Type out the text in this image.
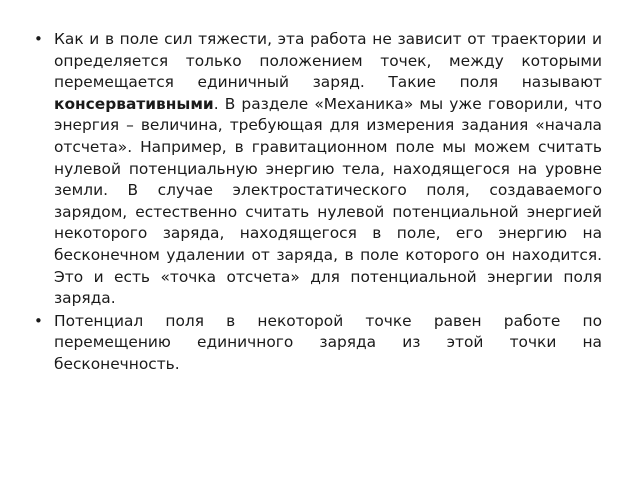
• Как и в поле сил тяжести, эта работа не зависит от траектории и определяется только положением точек, между которыми перемещается единичный заряд. Такие поля называют консервативными. В разделе «Механика» мы уже говорили, что энергия – величина, требующая для измерения задания «начала отсчета». Например, в гравитационном поле мы можем считать нулевой потенциальную энергию тела, находящегося на уровне земли. В случае электростатического поля, создаваемого зарядом, естественно считать нулевой потенциальной энергией некоторого заряда, находящегося в поле, его энергию на бесконечном удалении от заряда, в поле которого он находится. Это и есть «точка отсчета» для потенциальной энергии поля заряда.
• Потенциал поля в некоторой точке равен работе по перемещению единичного заряда из этой точки на бесконечность.
